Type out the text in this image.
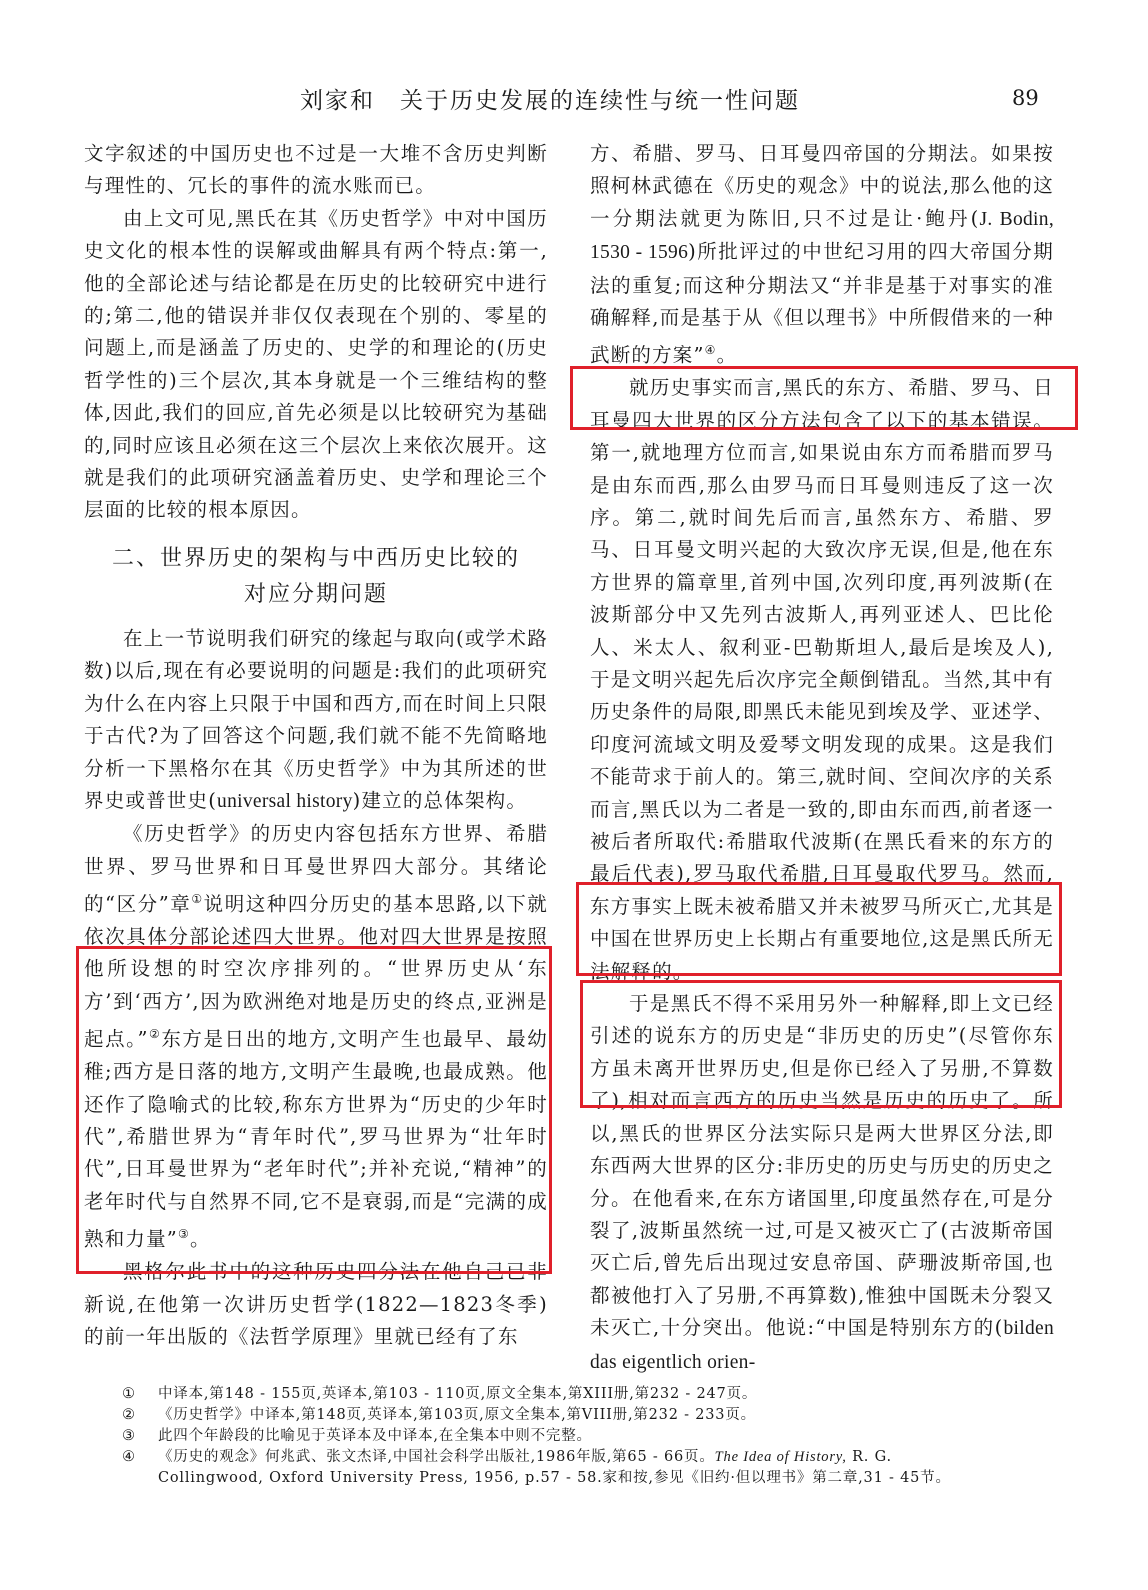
刘家和　关于历史发展的连续性与统一性问题	89

文字叙述的中国历史也不过是一大堆不含历史判断与理性的、冗长的事件的流水账而已。

由上文可见,黑氏在其《历史哲学》中对中国历史文化的根本性的误解或曲解具有两个特点:第一,他的全部论述与结论都是在历史的比较研究中进行的;第二,他的错误并非仅仅表现在个别的、零星的问题上,而是涵盖了历史的、史学的和理论的(历史哲学性的)三个层次,其本身就是一个三维结构的整体,因此,我们的回应,首先必须是以比较研究为基础的,同时应该且必须在这三个层次上来依次展开。这就是我们的此项研究涵盖着历史、史学和理论三个层面的比较的根本原因。

二、世界历史的架构与中西历史比较的
对应分期问题

在上一节说明我们研究的缘起与取向(或学术路数)以后,现在有必要说明的问题是:我们的此项研究为什么在内容上只限于中国和西方,而在时间上只限于古代?为了回答这个问题,我们就不能不先简略地分析一下黑格尔在其《历史哲学》中为其所述的世界史或普世史(universal history)建立的总体架构。

《历史哲学》的历史内容包括东方世界、希腊世界、罗马世界和日耳曼世界四大部分。其绪论的“区分”章①说明这种四分历史的基本思路,以下就依次具体分部论述四大世界。他对四大世界是按照他所设想的时空次序排列的。“世界历史从‘东方’到‘西方’,因为欧洲绝对地是历史的终点,亚洲是起点。”②东方是日出的地方,文明产生也最早、最幼稚;西方是日落的地方,文明产生最晚,也最成熟。他还作了隐喻式的比较,称东方世界为“历史的少年时代”,希腊世界为“青年时代”,罗马世界为“壮年时代”,日耳曼世界为“老年时代”;并补充说,“精神”的老年时代与自然界不同,它不是衰弱,而是“完满的成熟和力量”③。

黑格尔此书中的这种历史四分法在他自己已非新说,在他第一次讲历史哲学(1822—1823冬季)的前一年出版的《法哲学原理》里就已经有了东

方、希腊、罗马、日耳曼四帝国的分期法。如果按照柯林武德在《历史的观念》中的说法,那么他的这一分期法就更为陈旧,只不过是让·鲍丹(J. Bodin, 1530 - 1596)所批评过的中世纪习用的四大帝国分期法的重复;而这种分期法又“并非是基于对事实的准确解释,而是基于从《但以理书》中所假借来的一种武断的方案”④。

就历史事实而言,黑氏的东方、希腊、罗马、日耳曼四大世界的区分方法包含了以下的基本错误。第一,就地理方位而言,如果说由东方而希腊而罗马是由东而西,那么由罗马而日耳曼则违反了这一次序。第二,就时间先后而言,虽然东方、希腊、罗马、日耳曼文明兴起的大致次序无误,但是,他在东方世界的篇章里,首列中国,次列印度,再列波斯(在波斯部分中又先列古波斯人,再列亚述人、巴比伦人、米太人、叙利亚-巴勒斯坦人,最后是埃及人),于是文明兴起先后次序完全颠倒错乱。当然,其中有历史条件的局限,即黑氏未能见到埃及学、亚述学、印度河流域文明及爱琴文明发现的成果。这是我们不能苛求于前人的。第三,就时间、空间次序的关系而言,黑氏以为二者是一致的,即由东而西,前者逐一被后者所取代:希腊取代波斯(在黑氏看来的东方的最后代表),罗马取代希腊,日耳曼取代罗马。然而,东方事实上既未被希腊又并未被罗马所灭亡,尤其是中国在世界历史上长期占有重要地位,这是黑氏所无法解释的。

于是黑氏不得不采用另外一种解释,即上文已经引述的说东方的历史是“非历史的历史”(尽管你东方虽未离开世界历史,但是你已经入了另册,不算数了),相对而言西方的历史当然是历史的历史了。所以,黑氏的世界区分法实际只是两大世界区分法,即东西两大世界的区分:非历史的历史与历史的历史之分。在他看来,在东方诸国里,印度虽然存在,可是分裂了,波斯虽然统一过,可是又被灭亡了(古波斯帝国灭亡后,曾先后出现过安息帝国、萨珊波斯帝国,也都被他打入了另册,不再算数),惟独中国既未分裂又未灭亡,十分突出。他说:“中国是特别东方的(bilden das eigentlich orien-

①	中译本,第148 - 155页,英译本,第103 - 110页,原文全集本,第XIII册,第232 - 247页。
②	《历史哲学》中译本,第148页,英译本,第103页,原文全集本,第VIII册,第232 - 233页。
③	此四个年龄段的比喻见于英译本及中译本,在全集本中则不完整。
④	《历史的观念》何兆武、张文杰译,中国社会科学出版社,1986年版,第65 - 66页。The Idea of History, R. G.
Collingwood, Oxford University Press, 1956, p.57 - 58.家和按,参见《旧约·但以理书》第二章,31 - 45节。
